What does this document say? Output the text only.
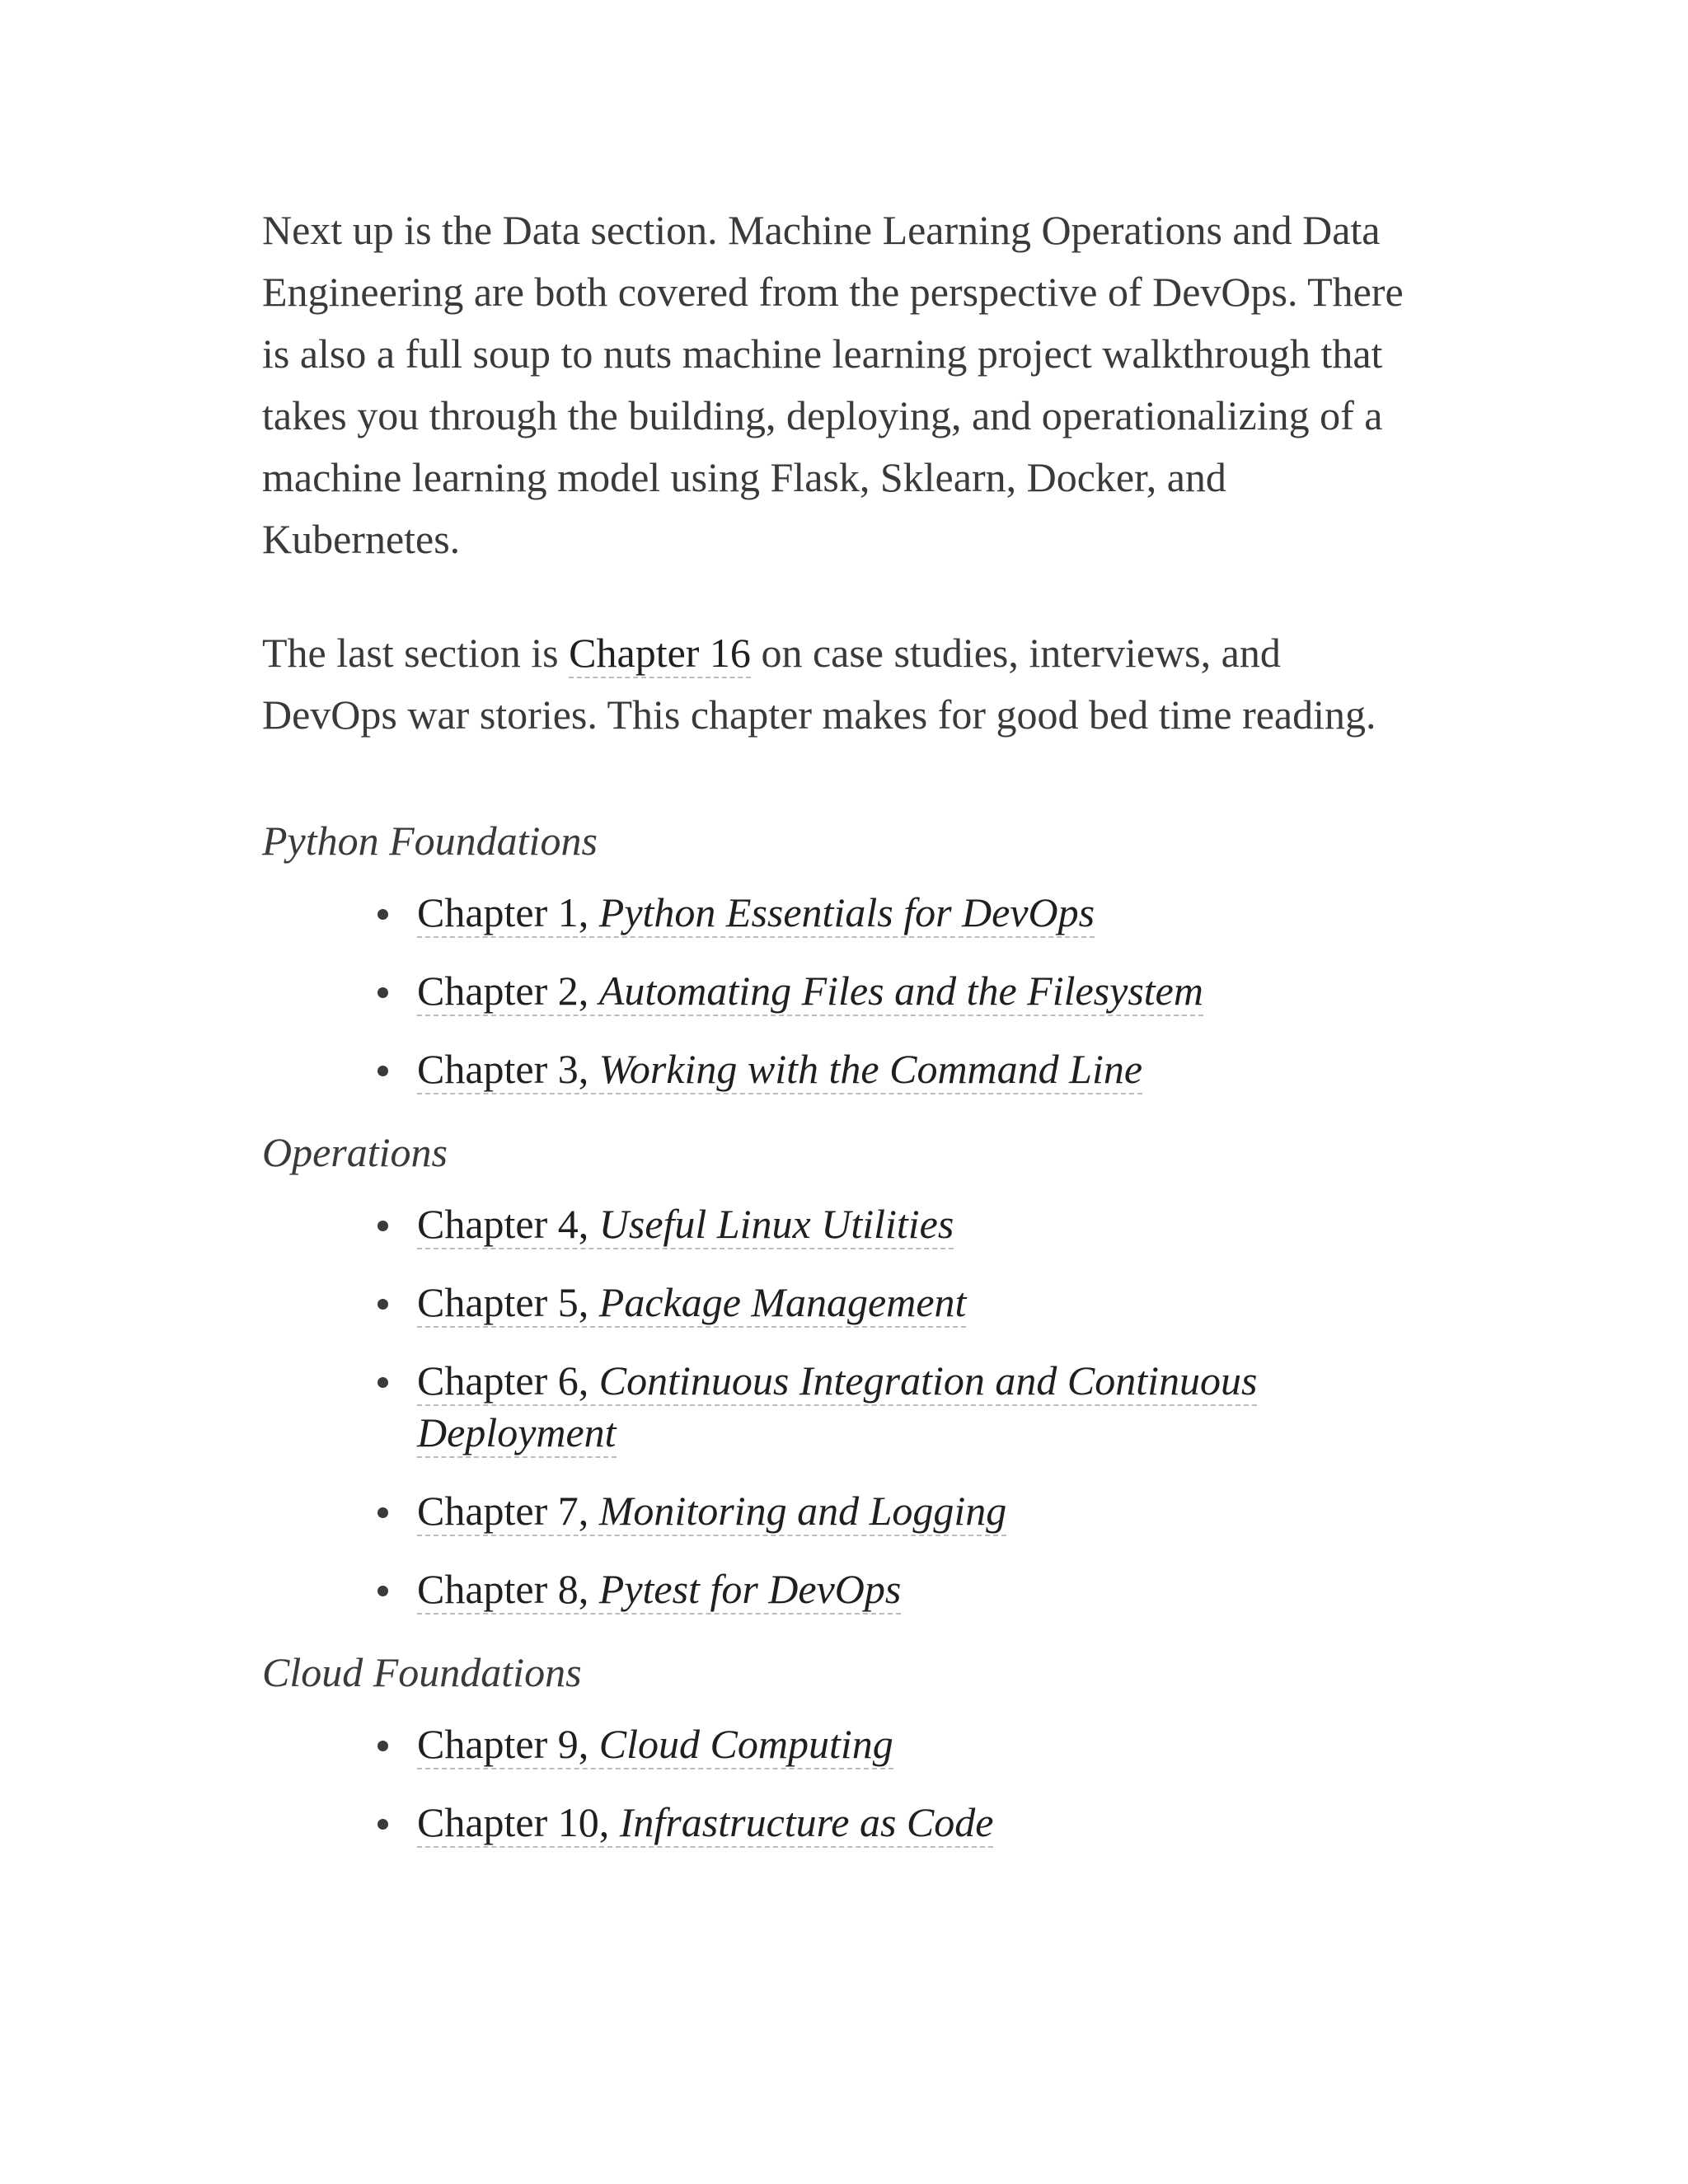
Next up is the Data section. Machine Learning Operations and Data Engineering are both covered from the perspective of DevOps. There is also a full soup to nuts machine learning project walkthrough that takes you through the building, deploying, and operationalizing of a machine learning model using Flask, Sklearn, Docker, and Kubernetes.

The last section is Chapter 16 on case studies, interviews, and DevOps war stories. This chapter makes for good bed time reading.

Python Foundations

Chapter 1, Python Essentials for DevOps
Chapter 2, Automating Files and the Filesystem
Chapter 3, Working with the Command Line

Operations

Chapter 4, Useful Linux Utilities
Chapter 5, Package Management
Chapter 6, Continuous Integration and Continuous Deployment
Chapter 7, Monitoring and Logging
Chapter 8, Pytest for DevOps

Cloud Foundations

Chapter 9, Cloud Computing
Chapter 10, Infrastructure as Code
